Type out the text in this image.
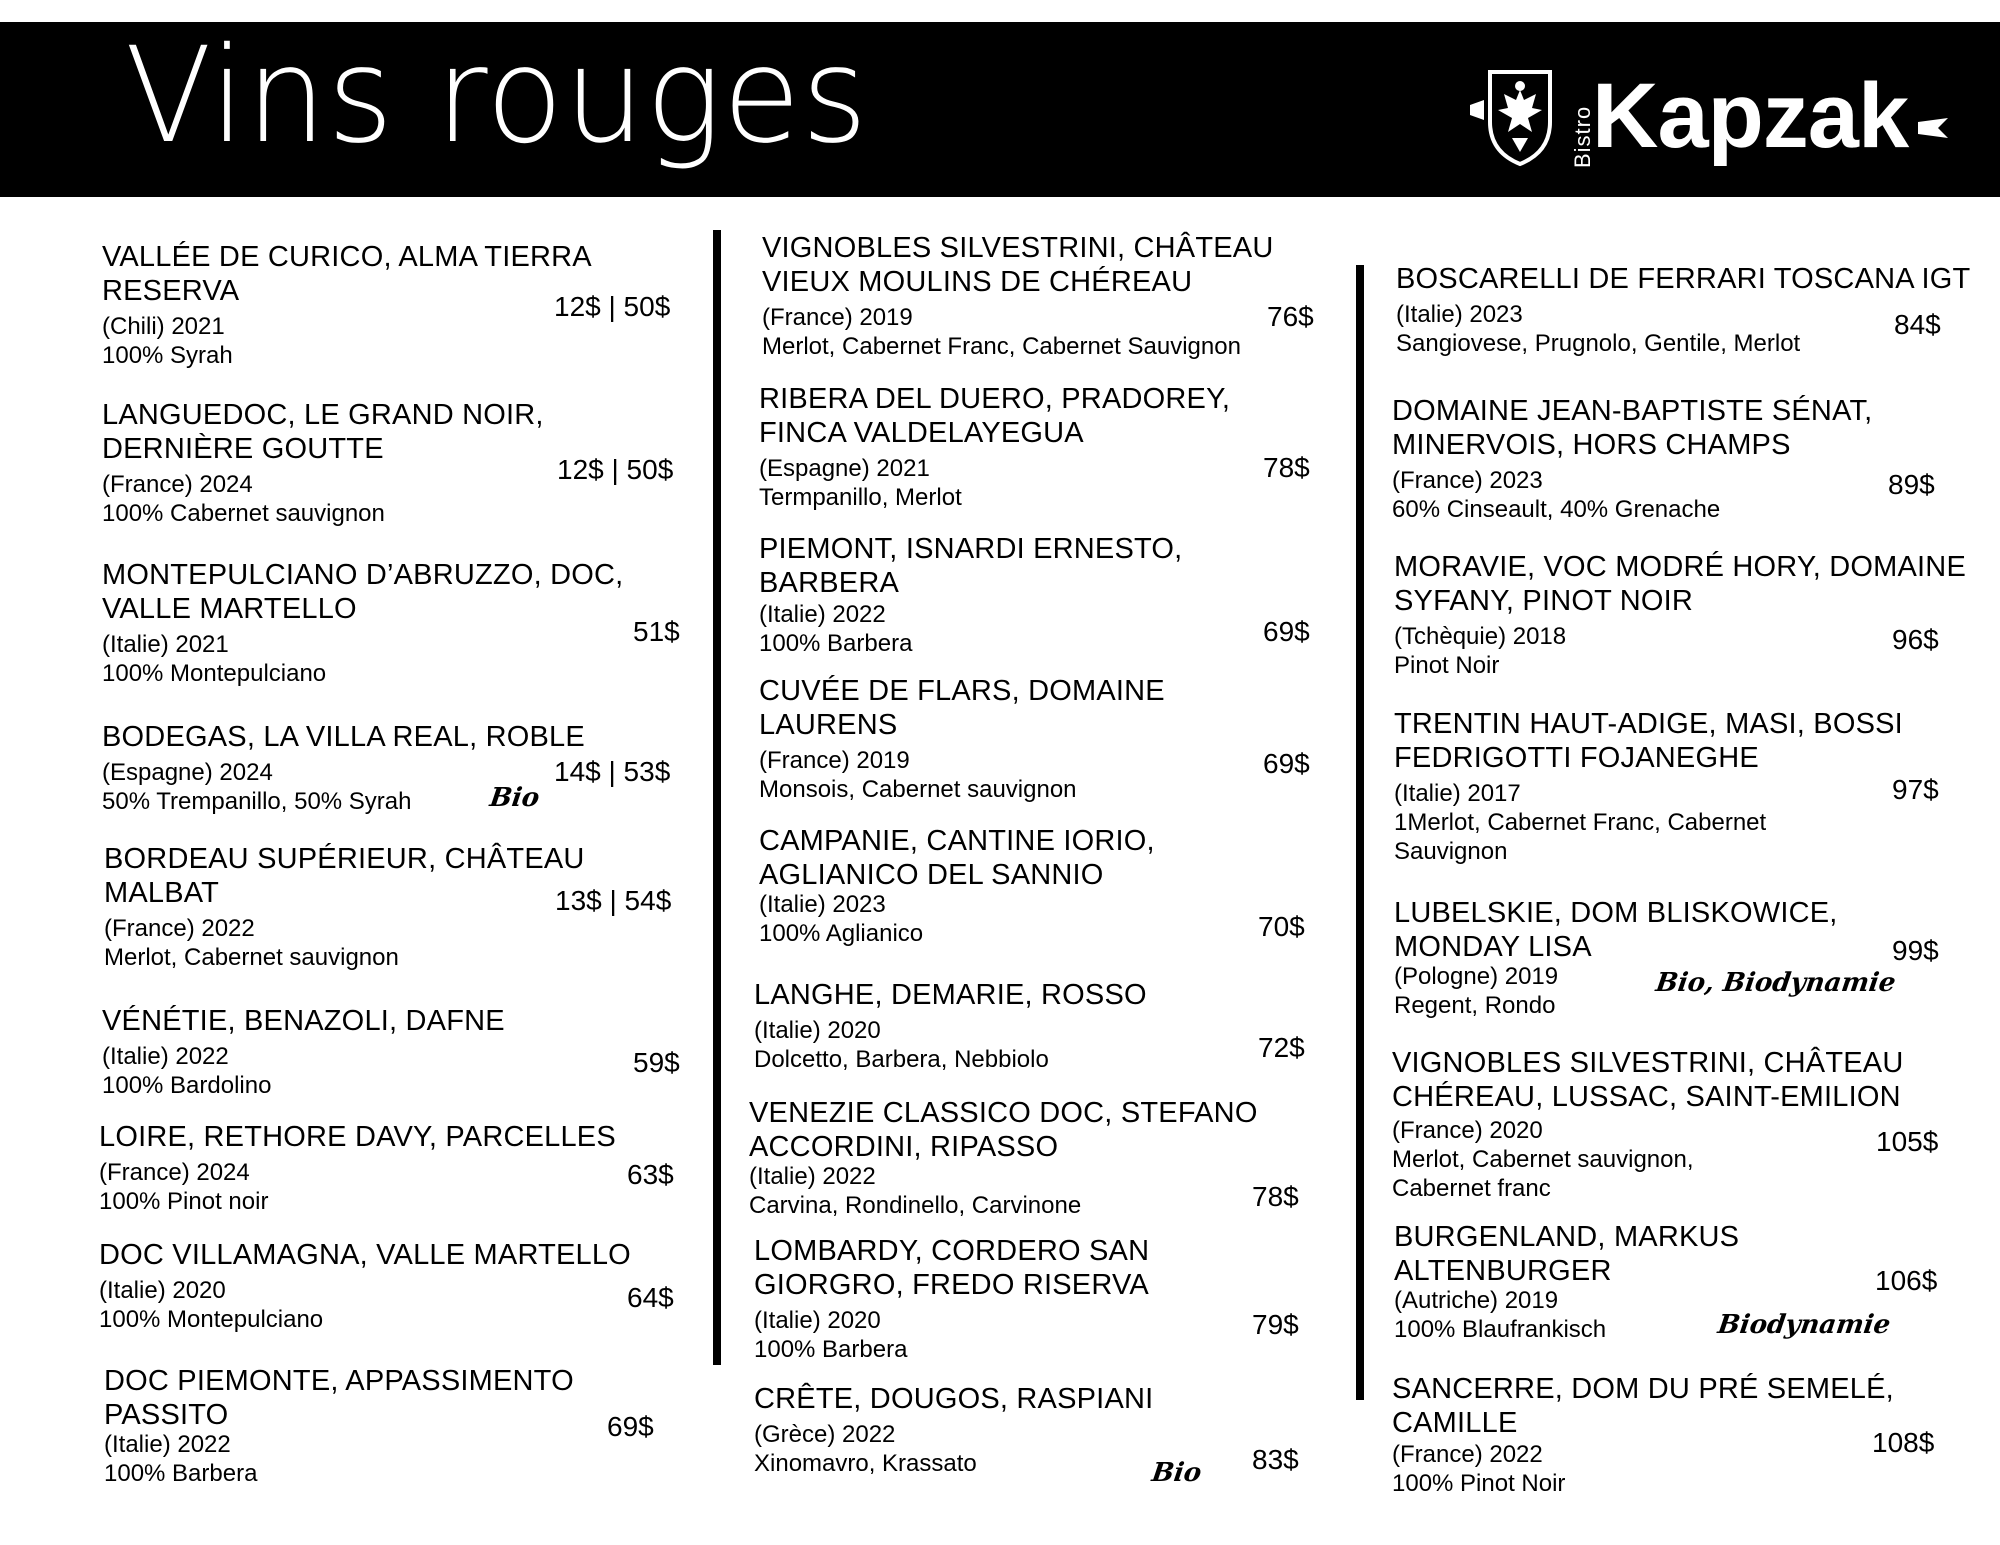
Vins rouges	Bistro
Kapzak
VALLÉE DE CURICO, ALMA TIERRA RESERVA
(Chili) 2021
100% Syrah
12$ | 50$
LANGUEDOC, LE GRAND NOIR, DERNIÈRE GOUTTE
(France) 2024
100% Cabernet sauvignon
12$ | 50$
MONTEPULCIANO D’ABRUZZO, DOC, VALLE MARTELLO
(Italie) 2021
100% Montepulciano
51$
BODEGAS, LA VILLA REAL, ROBLE
(Espagne) 2024
50% Trempanillo, 50% Syrah
14$ | 53$
Bio
BORDEAU SUPÉRIEUR, CHÂTEAU MALBAT
(France) 2022
Merlot, Cabernet sauvignon
13$ | 54$
VÉNÉTIE, BENAZOLI, DAFNE
(Italie) 2022
100% Bardolino
59$
LOIRE, RETHORE DAVY, PARCELLES
(France) 2024
100% Pinot noir
63$
DOC VILLAMAGNA, VALLE MARTELLO
(Italie) 2020
100% Montepulciano
64$
DOC PIEMONTE, APPASSIMENTO PASSITO
(Italie) 2022
100% Barbera
69$
VIGNOBLES SILVESTRINI, CHÂTEAU VIEUX MOULINS DE CHÉREAU
(France) 2019
Merlot, Cabernet Franc, Cabernet Sauvignon
76$
RIBERA DEL DUERO, PRADOREY, FINCA VALDELAYEGUA
(Espagne) 2021
Termpanillo, Merlot
78$
PIEMONT, ISNARDI ERNESTO, BARBERA
(Italie) 2022
100% Barbera	69$
CUVÉE DE FLARS, DOMAINE LAURENS
(France) 2019
Monsois, Cabernet sauvignon
69$
CAMPANIE, CANTINE IORIO, AGLIANICO DEL SANNIO
(Italie) 2023
100% Aglianico	70$
LANGHE, DEMARIE, ROSSO
(Italie) 2020
Dolcetto, Barbera, Nebbiolo	72$
VENEZIE CLASSICO DOC, STEFANO ACCORDINI, RIPASSO
(Italie) 2022
Carvina, Rondinello, Carvinone	78$
LOMBARDY, CORDERO SAN GIORGRO, FREDO RISERVA
(Italie) 2020
100% Barbera
79$
CRÊTE, DOUGOS, RASPIANI
(Grèce) 2022
Xinomavro, Krassato	83$
Bio
BOSCARELLI DE FERRARI TOSCANA IGT
(Italie) 2023
Sangiovese, Prugnolo, Gentile, Merlot
84$
DOMAINE JEAN-BAPTISTE SÉNAT, MINERVOIS, HORS CHAMPS
(France) 2023
60% Cinseault, 40% Grenache
89$
MORAVIE, VOC MODRÉ HORY, DOMAINE SYFANY, PINOT NOIR
(Tchèquie) 2018
Pinot Noir
96$
TRENTIN HAUT-ADIGE, MASI, BOSSI FEDRIGOTTI FOJANEGHE
(Italie) 2017
1Merlot, Cabernet Franc, Cabernet Sauvignon
97$
LUBELSKIE, DOM BLISKOWICE, MONDAY LISA
(Pologne) 2019
Regent, Rondo
99$
Bio, Biodynamie
VIGNOBLES SILVESTRINI, CHÂTEAU CHÉREAU, LUSSAC, SAINT-EMILION
(France) 2020
Merlot, Cabernet sauvignon, Cabernet franc
105$
BURGENLAND, MARKUS ALTENBURGER
(Autriche) 2019
100% Blaufrankisch
106$
Biodynamie
SANCERRE, DOM DU PRÉ SEMELÉ, CAMILLE
(France) 2022
100% Pinot Noir
108$
